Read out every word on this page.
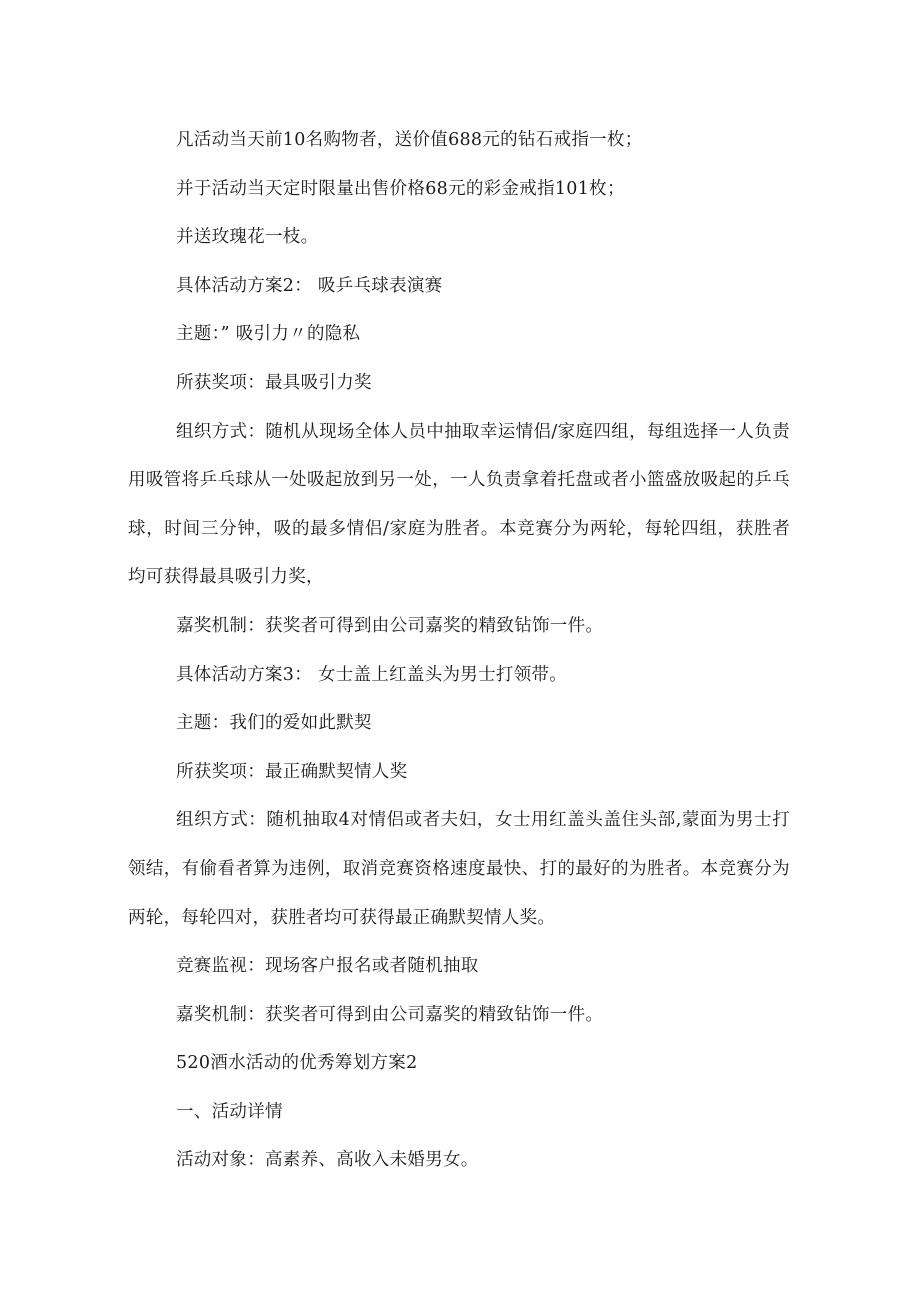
凡活动当天前10名购物者，送价值688元的钻石戒指一枚；

并于活动当天定时限量出售价格68元的彩金戒指101枚；

并送玫瑰花一枝。

具体活动方案2： 吸乒乓球表演赛

主题：” 吸引力〃的隐私

所获奖项：最具吸引力奖

组织方式：随机从现场全体人员中抽取幸运情侣/家庭四组，每组选择一人负责用吸管将乒乓球从一处吸起放到另一处，一人负责拿着托盘或者小篮盛放吸起的乒乓球，时间三分钟，吸的最多情侣/家庭为胜者。本竞赛分为两轮，每轮四组，获胜者均可获得最具吸引力奖，

嘉奖机制：获奖者可得到由公司嘉奖的精致钻饰一件。

具体活动方案3： 女士盖上红盖头为男士打领带。

主题：我们的爱如此默契

所获奖项：最正确默契情人奖

组织方式：随机抽取4对情侣或者夫妇，女士用红盖头盖住头部,蒙面为男士打领结，有偷看者算为违例，取消竞赛资格速度最快、打的最好的为胜者。本竞赛分为两轮，每轮四对，获胜者均可获得最正确默契情人奖。

竞赛监视：现场客户报名或者随机抽取

嘉奖机制：获奖者可得到由公司嘉奖的精致钻饰一件。

520酒水活动的优秀筹划方案2

一、活动详情

活动对象：高素养、高收入未婚男女。
